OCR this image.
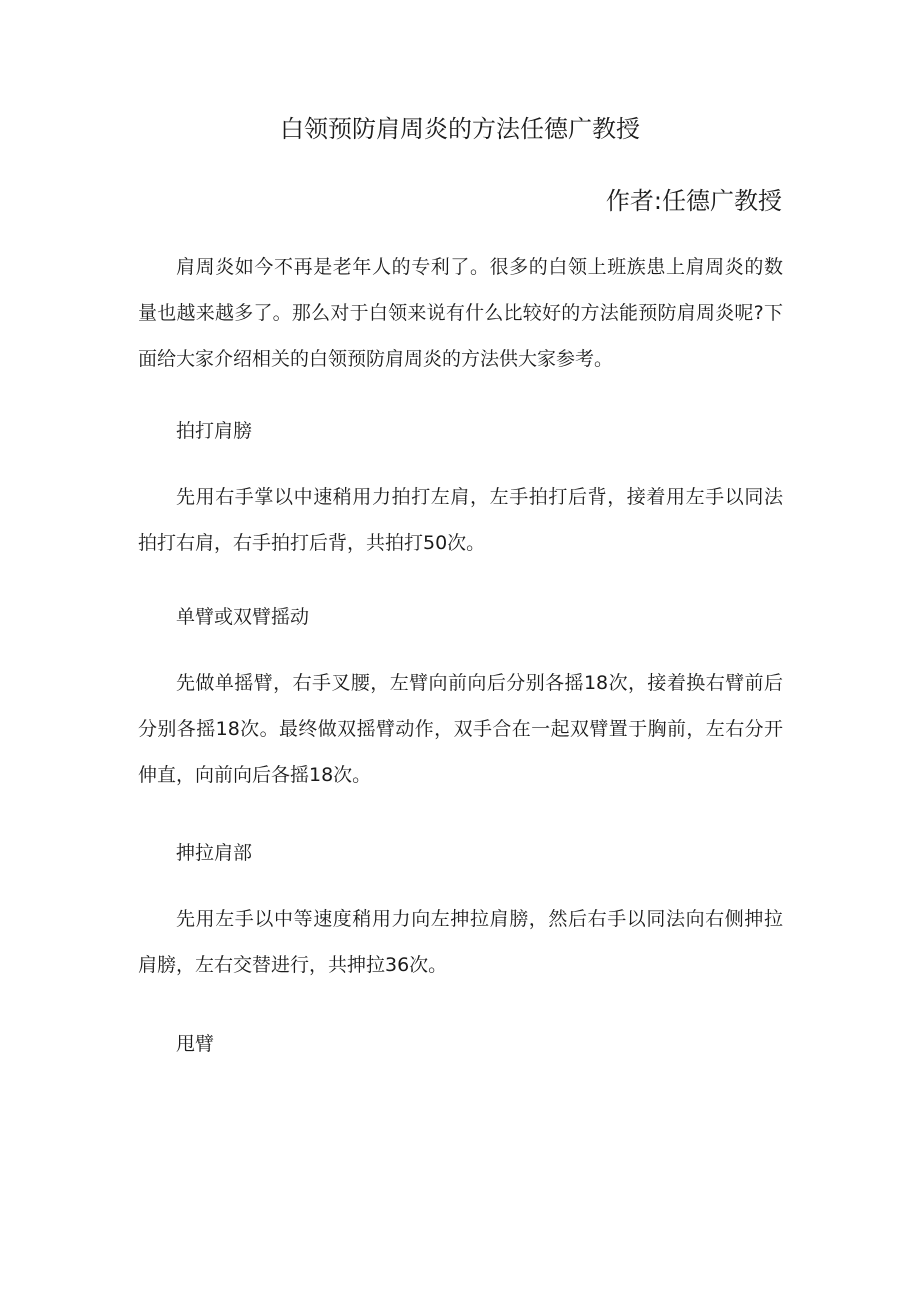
白领预防肩周炎的方法任德广教授
作者:任德广教授

肩周炎如今不再是老年人的专利了。很多的白领上班族患上肩周炎的数量也越来越多了。那么对于白领来说有什么比较好的方法能预防肩周炎呢?下面给大家介绍相关的白领预防肩周炎的方法供大家参考。

拍打肩膀

先用右手掌以中速稍用力拍打左肩，左手拍打后背，接着用左手以同法拍打右肩，右手拍打后背，共拍打50次。

单臂或双臂摇动

先做单摇臂，右手叉腰，左臂向前向后分别各摇18次，接着换右臂前后分别各摇18次。最终做双摇臂动作，双手合在一起双臂置于胸前，左右分开伸直，向前向后各摇18次。

抻拉肩部

先用左手以中等速度稍用力向左抻拉肩膀，然后右手以同法向右侧抻拉肩膀，左右交替进行，共抻拉36次。

甩臂
